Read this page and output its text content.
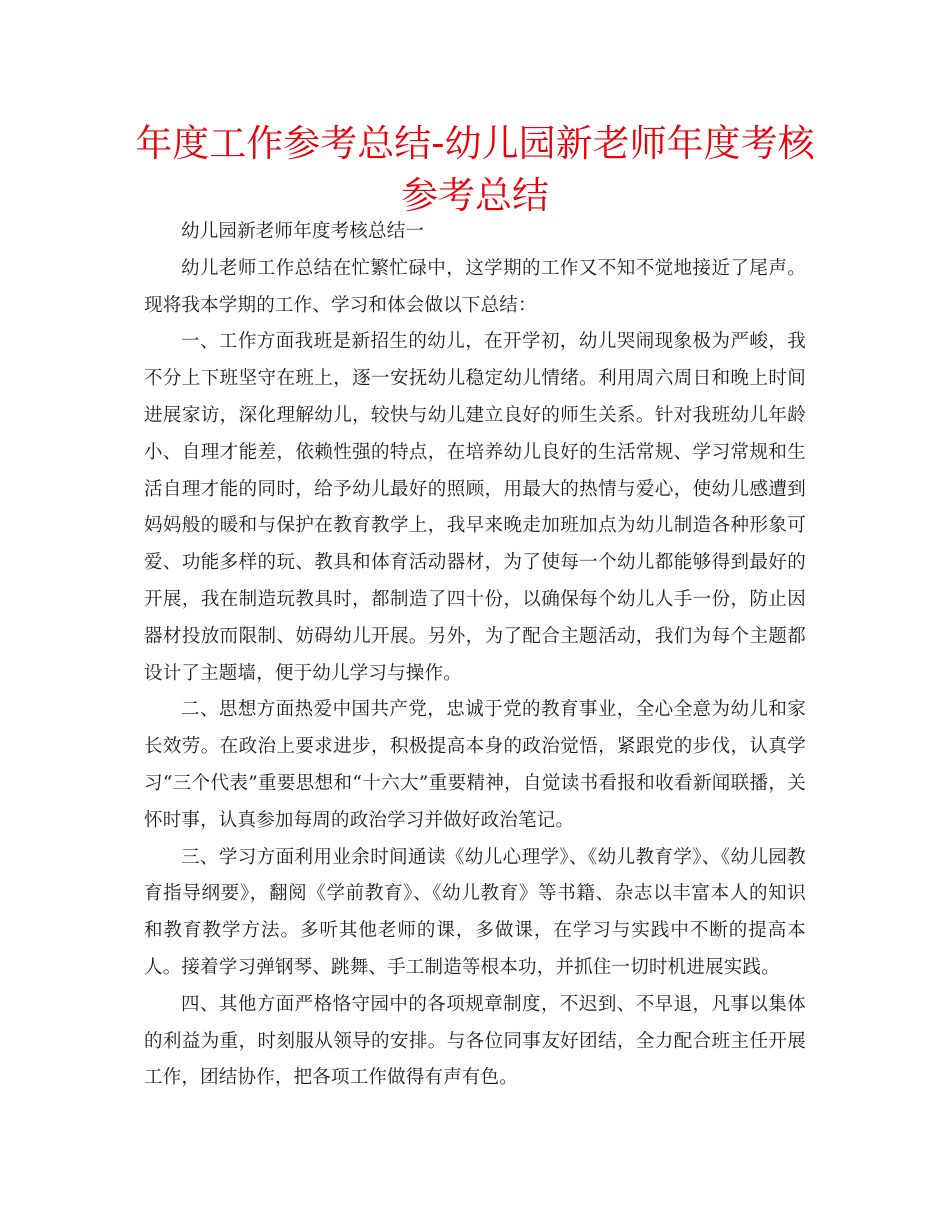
年度工作参考总结-幼儿园新老师年度考核参考总结

幼儿园新老师年度考核总结一

幼儿老师工作总结在忙繁忙碌中，这学期的工作又不知不觉地接近了尾声。现将我本学期的工作、学习和体会做以下总结：

一、工作方面我班是新招生的幼儿，在开学初，幼儿哭闹现象极为严峻，我不分上下班坚守在班上，逐一安抚幼儿稳定幼儿情绪。利用周六周日和晚上时间进展家访，深化理解幼儿，较快与幼儿建立良好的师生关系。针对我班幼儿年龄小、自理才能差，依赖性强的特点，在培养幼儿良好的生活常规、学习常规和生活自理才能的同时，给予幼儿最好的照顾，用最大的热情与爱心，使幼儿感遭到妈妈般的暖和与保护在教育教学上，我早来晚走加班加点为幼儿制造各种形象可爱、功能多样的玩、教具和体育活动器材，为了使每一个幼儿都能够得到最好的开展，我在制造玩教具时，都制造了四十份，以确保每个幼儿人手一份，防止因器材投放而限制、妨碍幼儿开展。另外，为了配合主题活动，我们为每个主题都设计了主题墙，便于幼儿学习与操作。

二、思想方面热爱中国共产党，忠诚于党的教育事业，全心全意为幼儿和家长效劳。在政治上要求进步，积极提高本身的政治觉悟，紧跟党的步伐，认真学习“三个代表”重要思想和“十六大”重要精神，自觉读书看报和收看新闻联播，关怀时事，认真参加每周的政治学习并做好政治笔记。

三、学习方面利用业余时间通读《幼儿心理学》、《幼儿教育学》、《幼儿园教育指导纲要》，翻阅《学前教育》、《幼儿教育》等书籍、杂志以丰富本人的知识和教育教学方法。多听其他老师的课，多做课，在学习与实践中不断的提高本人。接着学习弹钢琴、跳舞、手工制造等根本功，并抓住一切时机进展实践。

四、其他方面严格恪守园中的各项规章制度，不迟到、不早退，凡事以集体的利益为重，时刻服从领导的安排。与各位同事友好团结，全力配合班主任开展工作，团结协作，把各项工作做得有声有色。
